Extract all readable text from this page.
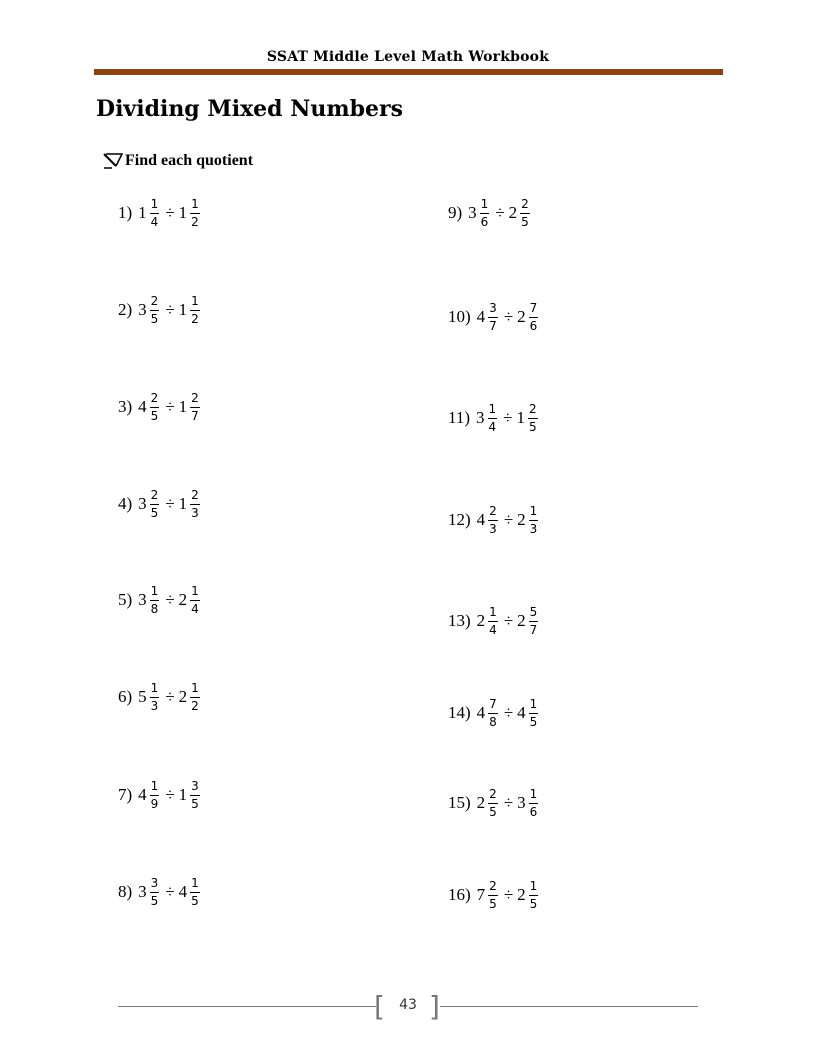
SSAT Middle Level Math Workbook
Dividing Mixed Numbers
Find each quotient
1) $1 \frac{1}{4} \div 1 \frac{1}{2}$
2) $3 \frac{2}{5} \div 1 \frac{1}{2}$
3) $4 \frac{2}{5} \div 1 \frac{2}{7}$
4) $3 \frac{2}{5} \div 1 \frac{2}{3}$
5) $3 \frac{1}{8} \div 2 \frac{1}{4}$
6) $5 \frac{1}{3} \div 2 \frac{1}{2}$
7) $4 \frac{1}{9} \div 1 \frac{3}{5}$
8) $3 \frac{3}{5} \div 4 \frac{1}{5}$
9) $3 \frac{1}{6} \div 2 \frac{2}{5}$
10) $4 \frac{3}{7} \div 2 \frac{7}{6}$
11) $3 \frac{1}{4} \div 1 \frac{2}{5}$
12) $4 \frac{2}{3} \div 2 \frac{1}{3}$
13) $2 \frac{1}{4} \div 2 \frac{5}{7}$
14) $4 \frac{7}{8} \div 4 \frac{1}{5}$
15) $2 \frac{2}{5} \div 3 \frac{1}{6}$
16) $7 \frac{2}{5} \div 2 \frac{1}{5}$
[	43 ]
